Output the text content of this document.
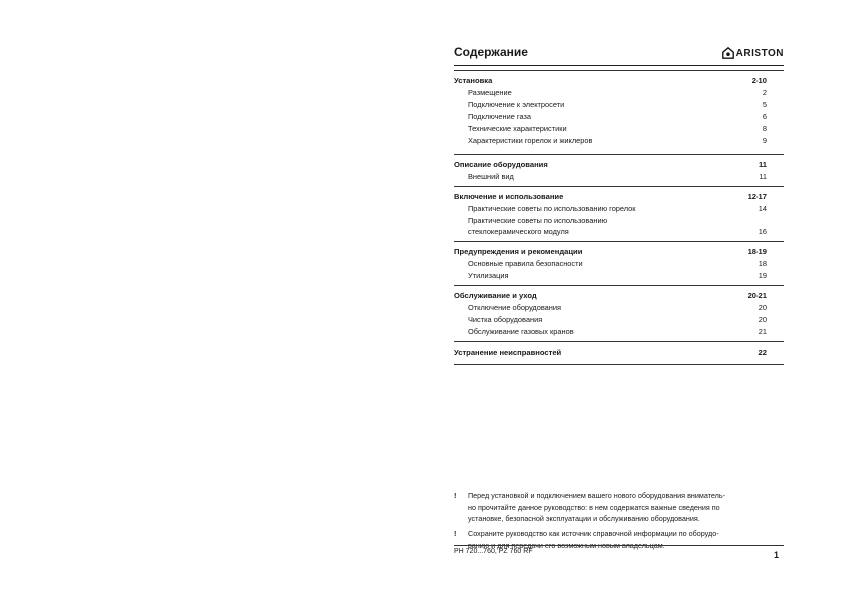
Содержание	ARISTON
Установка	2-10
Размещение	2
Подключение к электросети	5
Подключение газа	6
Технические характеристики	8
Характеристики горелок и жиклеров	9
Описание оборудования	11
Внешний вид	11
Включение и использование	12-17
Практические советы по использованию горелок	14
Практические советы по использованию
стеклокерамического модуля	16
Предупреждения и рекомендации	18-19
Основные правила безопасности	18
Утилизация	19
Обслуживание и уход	20-21
Отключение оборудования	20
Чистка оборудования	20
Обслуживание газовых кранов	21
Устранение неисправностей	22
! Перед установкой и подключением вашего нового оборудования вниматель-
но прочитайте данное руководство: в нем содержатся важные сведения по
установке, безопасной эксплуатации и обслуживанию оборудования.
! Сохраните руководство как источник справочной информации по оборудо-
ванию и для передачи его возможным новым владельцам.
PH 720...760, PZ 760 RF	1
